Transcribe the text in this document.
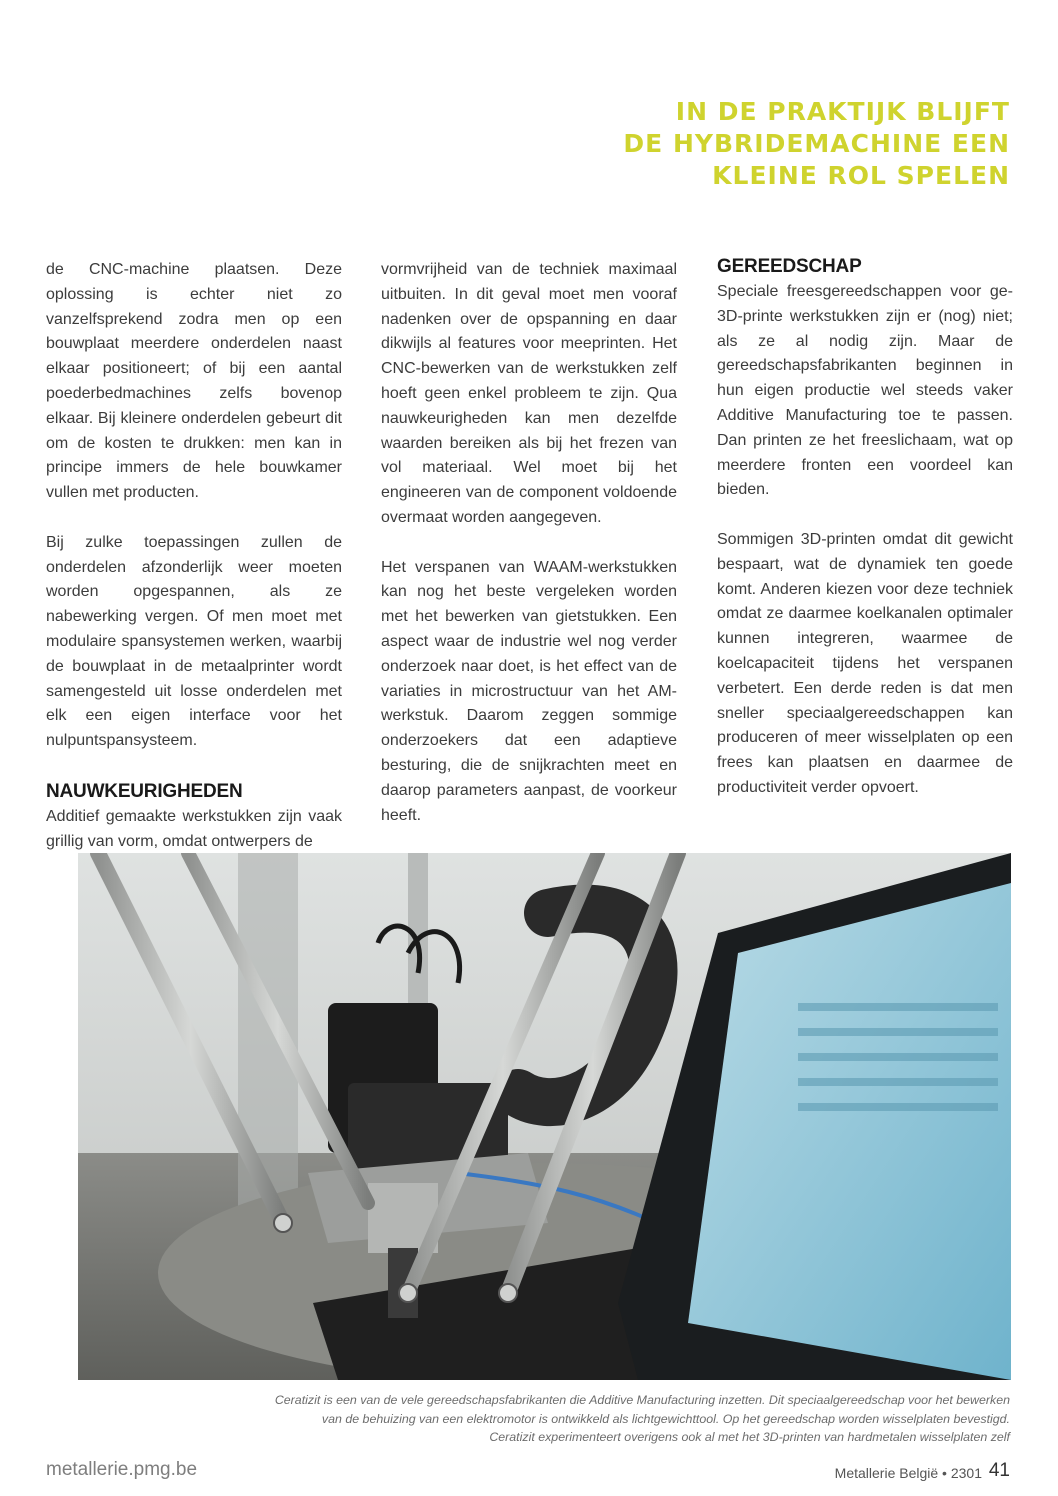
IN DE PRAKTIJK BLIJFT
DE HYBRIDEMACHINE EEN
KLEINE ROL SPELEN

de CNC-machine plaatsen. Deze oplossing is echter niet zo vanzelfsprekend zodra men op een bouwplaat meerdere onderdelen naast elkaar positioneert; of bij een aantal poederbedmachines zelfs bovenop elkaar. Bij kleinere onderdelen gebeurt dit om de kosten te drukken: men kan in principe immers de hele bouwkamer vullen met producten.

Bij zulke toepassingen zullen de onderdelen afzonderlijk weer moeten worden opgespannen, als ze nabewerking vergen. Of men moet met modulaire spansystemen werken, waarbij de bouwplaat in de metaalprinter wordt samengesteld uit losse onderdelen met elk een eigen interface voor het nulpuntspansysteem.

NAUWKEURIGHEDEN

Additief gemaakte werkstukken zijn vaak grillig van vorm, omdat ontwerpers de

vormvrijheid van de techniek maximaal uitbuiten. In dit geval moet men vooraf nadenken over de opspanning en daar dikwijls al features voor meeprinten. Het CNC-bewerken van de werkstukken zelf hoeft geen enkel probleem te zijn. Qua nauwkeurigheden kan men dezelfde waarden bereiken als bij het frezen van vol materiaal. Wel moet bij het engineeren van de component voldoende overmaat worden aangegeven.

Het verspanen van WAAM-werkstukken kan nog het beste vergeleken worden met het bewerken van gietstukken. Een aspect waar de industrie wel nog verder onderzoek naar doet, is het effect van de variaties in microstructuur van het AM-werkstuk. Daarom zeggen sommige onderzoekers dat een adaptieve besturing, die de snijkrachten meet en daarop parameters aanpast, de voorkeur heeft.

GEREEDSCHAP

Speciale freesgereedschappen voor ge-3D-printe werkstukken zijn er (nog) niet; als ze al nodig zijn. Maar de gereedschapsfabrikanten beginnen in hun eigen productie wel steeds vaker Additive Manufacturing toe te passen. Dan printen ze het freeslichaam, wat op meerdere fronten een voordeel kan bieden.

Sommigen 3D-printen omdat dit gewicht bespaart, wat de dynamiek ten goede komt. Anderen kiezen voor deze techniek omdat ze daarmee koelkanalen optimaler kunnen integreren, waarmee de koelcapaciteit tijdens het verspanen verbetert. Een derde reden is dat men sneller speciaalgereedschappen kan produceren of meer wisselplaten op een frees kan plaatsen en daarmee de productiviteit verder opvoert.

Ceratizit is een van de vele gereedschapsfabrikanten die Additive Manufacturing inzetten. Dit speciaalgereedschap voor het bewerken
van de behuizing van een elektromotor is ontwikkeld als lichtgewichttool. Op het gereedschap worden wisselplaten bevestigd.
Ceratizit experimenteert overigens ook al met het 3D-printen van hardmetalen wisselplaten zelf
metallerie.pmg.be	Metallerie België • 2301 41
